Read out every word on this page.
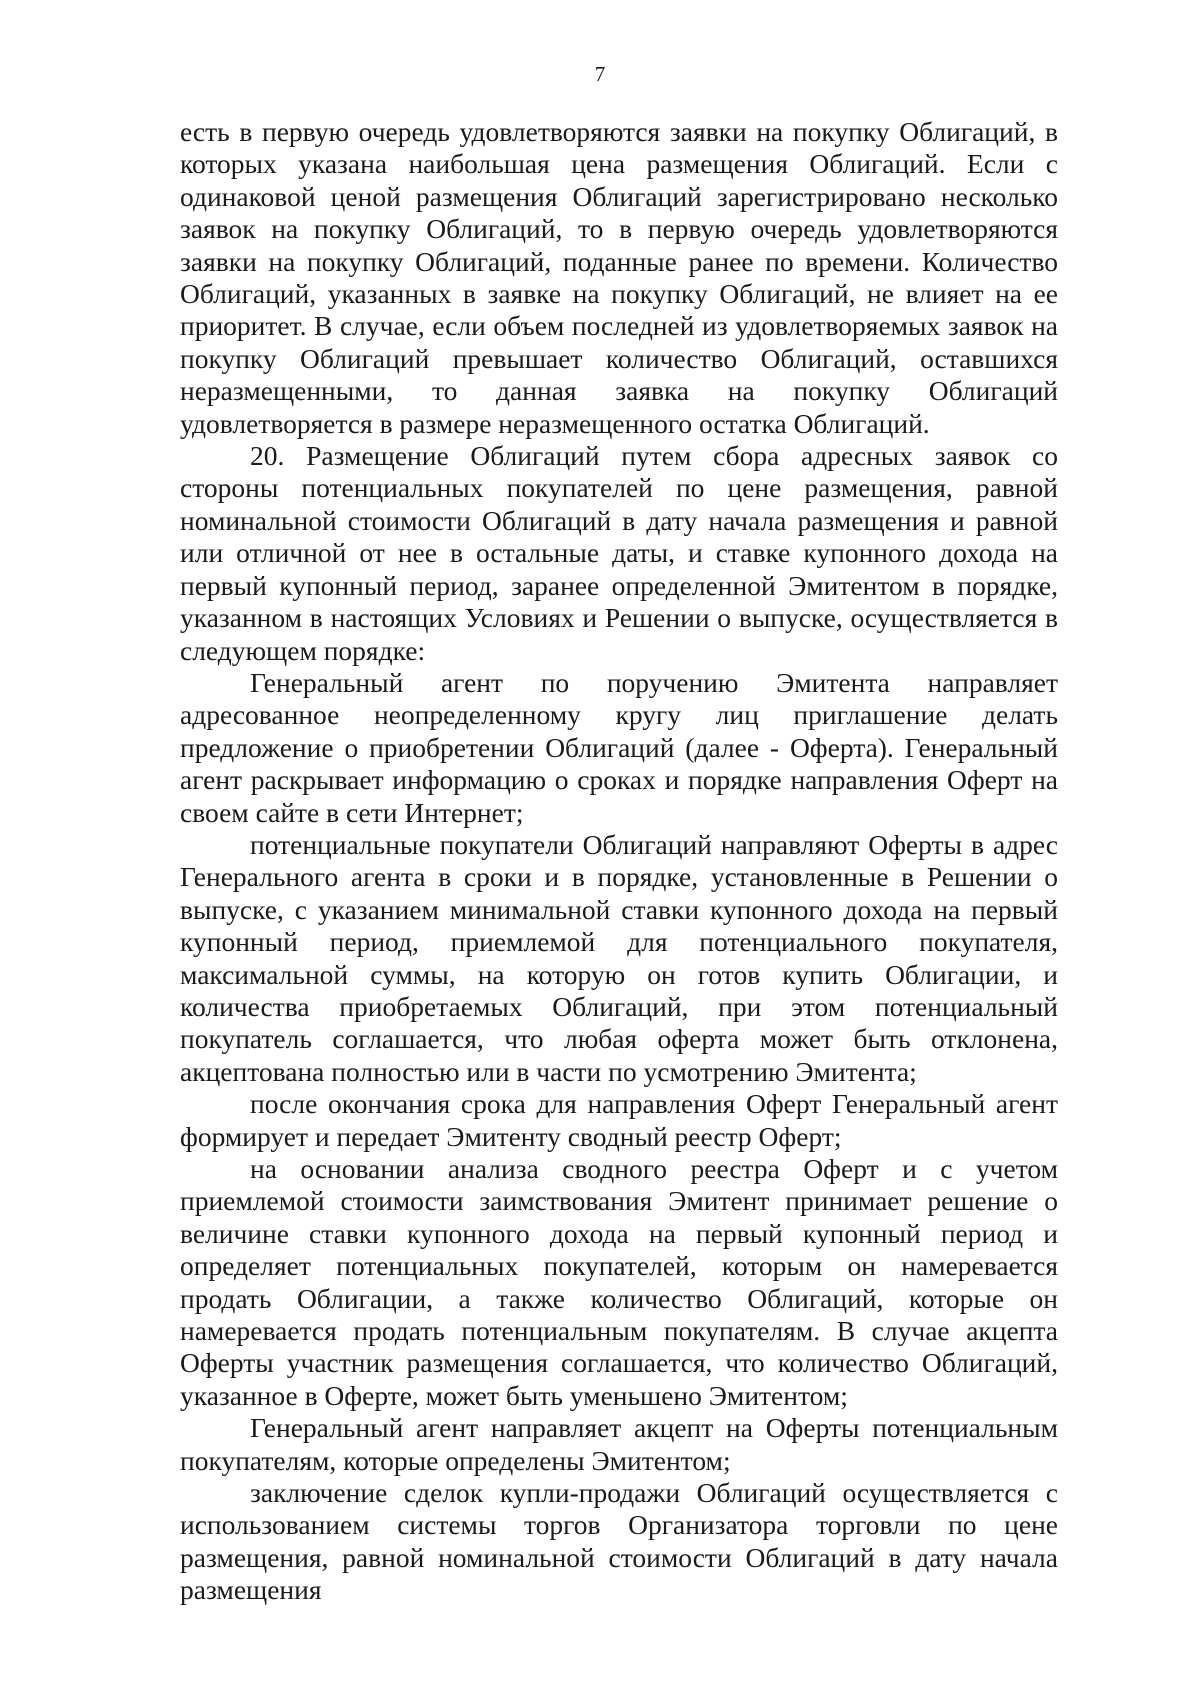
7

есть в первую очередь удовлетворяются заявки на покупку Облигаций, в которых указана наибольшая цена размещения Облигаций. Если с одинаковой ценой размещения Облигаций зарегистрировано несколько заявок на покупку Облигаций, то в первую очередь удовлетворяются заявки на покупку Облигаций, поданные ранее по времени. Количество Облигаций, указанных в заявке на покупку Облигаций, не влияет на ее приоритет. В случае, если объем последней из удовлетворяемых заявок на покупку Облигаций превышает количество Облигаций, оставшихся неразмещенными, то данная заявка на покупку Облигаций удовлетворяется в размере неразмещенного остатка Облигаций.

20. Размещение Облигаций путем сбора адресных заявок со стороны потенциальных покупателей по цене размещения, равной номинальной стоимости Облигаций в дату начала размещения и равной или отличной от нее в остальные даты, и ставке купонного дохода на первый купонный период, заранее определенной Эмитентом в порядке, указанном в настоящих Условиях и Решении о выпуске, осуществляется в следующем порядке:

Генеральный агент по поручению Эмитента направляет адресованное неопределенному кругу лиц приглашение делать предложение о приобретении Облигаций (далее - Оферта). Генеральный агент раскрывает информацию о сроках и порядке направления Оферт на своем сайте в сети Интернет;

потенциальные покупатели Облигаций направляют Оферты в адрес Генерального агента в сроки и в порядке, установленные в Решении о выпуске, с указанием минимальной ставки купонного дохода на первый купонный период, приемлемой для потенциального покупателя, максимальной суммы, на которую он готов купить Облигации, и количества приобретаемых Облигаций, при этом потенциальный покупатель соглашается, что любая оферта может быть отклонена, акцептована полностью или в части по усмотрению Эмитента;

после окончания срока для направления Оферт Генеральный агент формирует и передает Эмитенту сводный реестр Оферт;

на основании анализа сводного реестра Оферт и с учетом приемлемой стоимости заимствования Эмитент принимает решение о величине ставки купонного дохода на первый купонный период и определяет потенциальных покупателей, которым он намеревается продать Облигации, а также количество Облигаций, которые он намеревается продать потенциальным покупателям. В случае акцепта Оферты участник размещения соглашается, что количество Облигаций, указанное в Оферте, может быть уменьшено Эмитентом;

Генеральный агент направляет акцепт на Оферты потенциальным покупателям, которые определены Эмитентом;

заключение сделок купли-продажи Облигаций осуществляется с использованием системы торгов Организатора торговли по цене размещения, равной номинальной стоимости Облигаций в дату начала размещения
